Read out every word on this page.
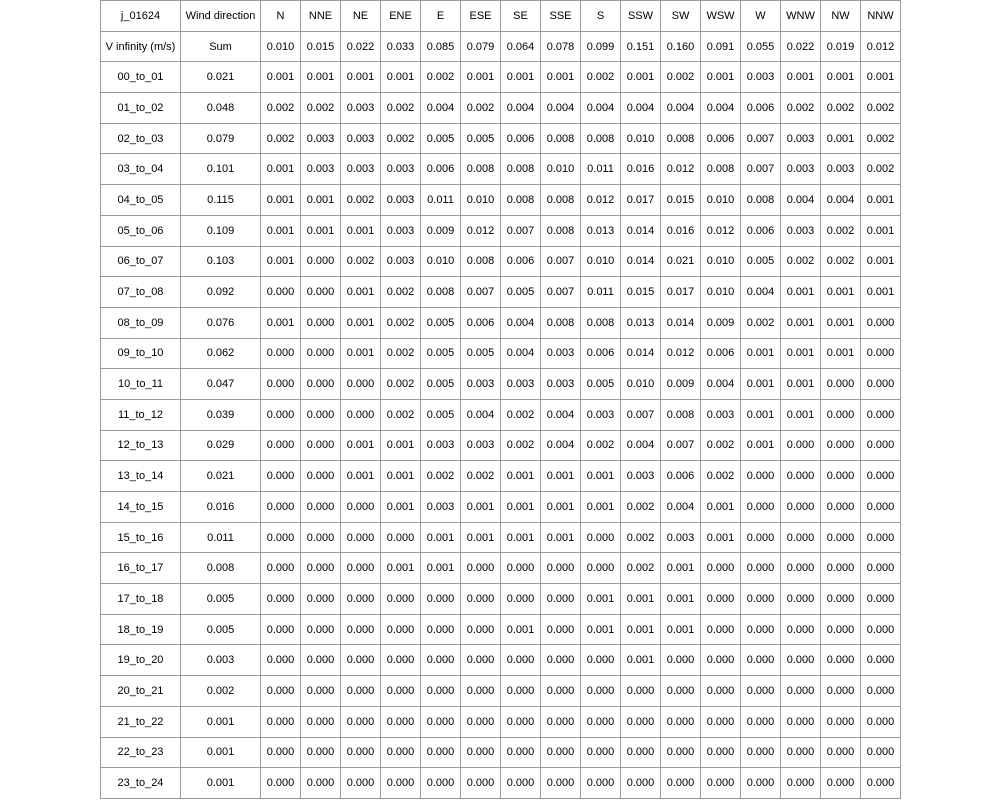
j_01624	Wind direction	N	NNE	NE	ENE	E	ESE	SE	SSE	S	SSW	SW	WSW	W	WNW	NW	NNW
V infinity (m/s)	Sum	0.010	0.015	0.022	0.033	0.085	0.079	0.064	0.078	0.099	0.151	0.160	0.091	0.055	0.022	0.019	0.012
00_to_01	0.021	0.001	0.001	0.001	0.001	0.002	0.001	0.001	0.001	0.002	0.001	0.002	0.001	0.003	0.001	0.001	0.001
01_to_02	0.048	0.002	0.002	0.003	0.002	0.004	0.002	0.004	0.004	0.004	0.004	0.004	0.004	0.006	0.002	0.002	0.002
02_to_03	0.079	0.002	0.003	0.003	0.002	0.005	0.005	0.006	0.008	0.008	0.010	0.008	0.006	0.007	0.003	0.001	0.002
03_to_04	0.101	0.001	0.003	0.003	0.003	0.006	0.008	0.008	0.010	0.011	0.016	0.012	0.008	0.007	0.003	0.003	0.002
04_to_05	0.115	0.001	0.001	0.002	0.003	0.011	0.010	0.008	0.008	0.012	0.017	0.015	0.010	0.008	0.004	0.004	0.001
05_to_06	0.109	0.001	0.001	0.001	0.003	0.009	0.012	0.007	0.008	0.013	0.014	0.016	0.012	0.006	0.003	0.002	0.001
06_to_07	0.103	0.001	0.000	0.002	0.003	0.010	0.008	0.006	0.007	0.010	0.014	0.021	0.010	0.005	0.002	0.002	0.001
07_to_08	0.092	0.000	0.000	0.001	0.002	0.008	0.007	0.005	0.007	0.011	0.015	0.017	0.010	0.004	0.001	0.001	0.001
08_to_09	0.076	0.001	0.000	0.001	0.002	0.005	0.006	0.004	0.008	0.008	0.013	0.014	0.009	0.002	0.001	0.001	0.000
09_to_10	0.062	0.000	0.000	0.001	0.002	0.005	0.005	0.004	0.003	0.006	0.014	0.012	0.006	0.001	0.001	0.001	0.000
10_to_11	0.047	0.000	0.000	0.000	0.002	0.005	0.003	0.003	0.003	0.005	0.010	0.009	0.004	0.001	0.001	0.000	0.000
11_to_12	0.039	0.000	0.000	0.000	0.002	0.005	0.004	0.002	0.004	0.003	0.007	0.008	0.003	0.001	0.001	0.000	0.000
12_to_13	0.029	0.000	0.000	0.001	0.001	0.003	0.003	0.002	0.004	0.002	0.004	0.007	0.002	0.001	0.000	0.000	0.000
13_to_14	0.021	0.000	0.000	0.001	0.001	0.002	0.002	0.001	0.001	0.001	0.003	0.006	0.002	0.000	0.000	0.000	0.000
14_to_15	0.016	0.000	0.000	0.000	0.001	0.003	0.001	0.001	0.001	0.001	0.002	0.004	0.001	0.000	0.000	0.000	0.000
15_to_16	0.011	0.000	0.000	0.000	0.000	0.001	0.001	0.001	0.001	0.000	0.002	0.003	0.001	0.000	0.000	0.000	0.000
16_to_17	0.008	0.000	0.000	0.000	0.001	0.001	0.000	0.000	0.000	0.000	0.002	0.001	0.000	0.000	0.000	0.000	0.000
17_to_18	0.005	0.000	0.000	0.000	0.000	0.000	0.000	0.000	0.000	0.001	0.001	0.001	0.000	0.000	0.000	0.000	0.000
18_to_19	0.005	0.000	0.000	0.000	0.000	0.000	0.000	0.001	0.000	0.001	0.001	0.001	0.000	0.000	0.000	0.000	0.000
19_to_20	0.003	0.000	0.000	0.000	0.000	0.000	0.000	0.000	0.000	0.000	0.001	0.000	0.000	0.000	0.000	0.000	0.000
20_to_21	0.002	0.000	0.000	0.000	0.000	0.000	0.000	0.000	0.000	0.000	0.000	0.000	0.000	0.000	0.000	0.000	0.000
21_to_22	0.001	0.000	0.000	0.000	0.000	0.000	0.000	0.000	0.000	0.000	0.000	0.000	0.000	0.000	0.000	0.000	0.000
22_to_23	0.001	0.000	0.000	0.000	0.000	0.000	0.000	0.000	0.000	0.000	0.000	0.000	0.000	0.000	0.000	0.000	0.000
23_to_24	0.001	0.000	0.000	0.000	0.000	0.000	0.000	0.000	0.000	0.000	0.000	0.000	0.000	0.000	0.000	0.000	0.000
